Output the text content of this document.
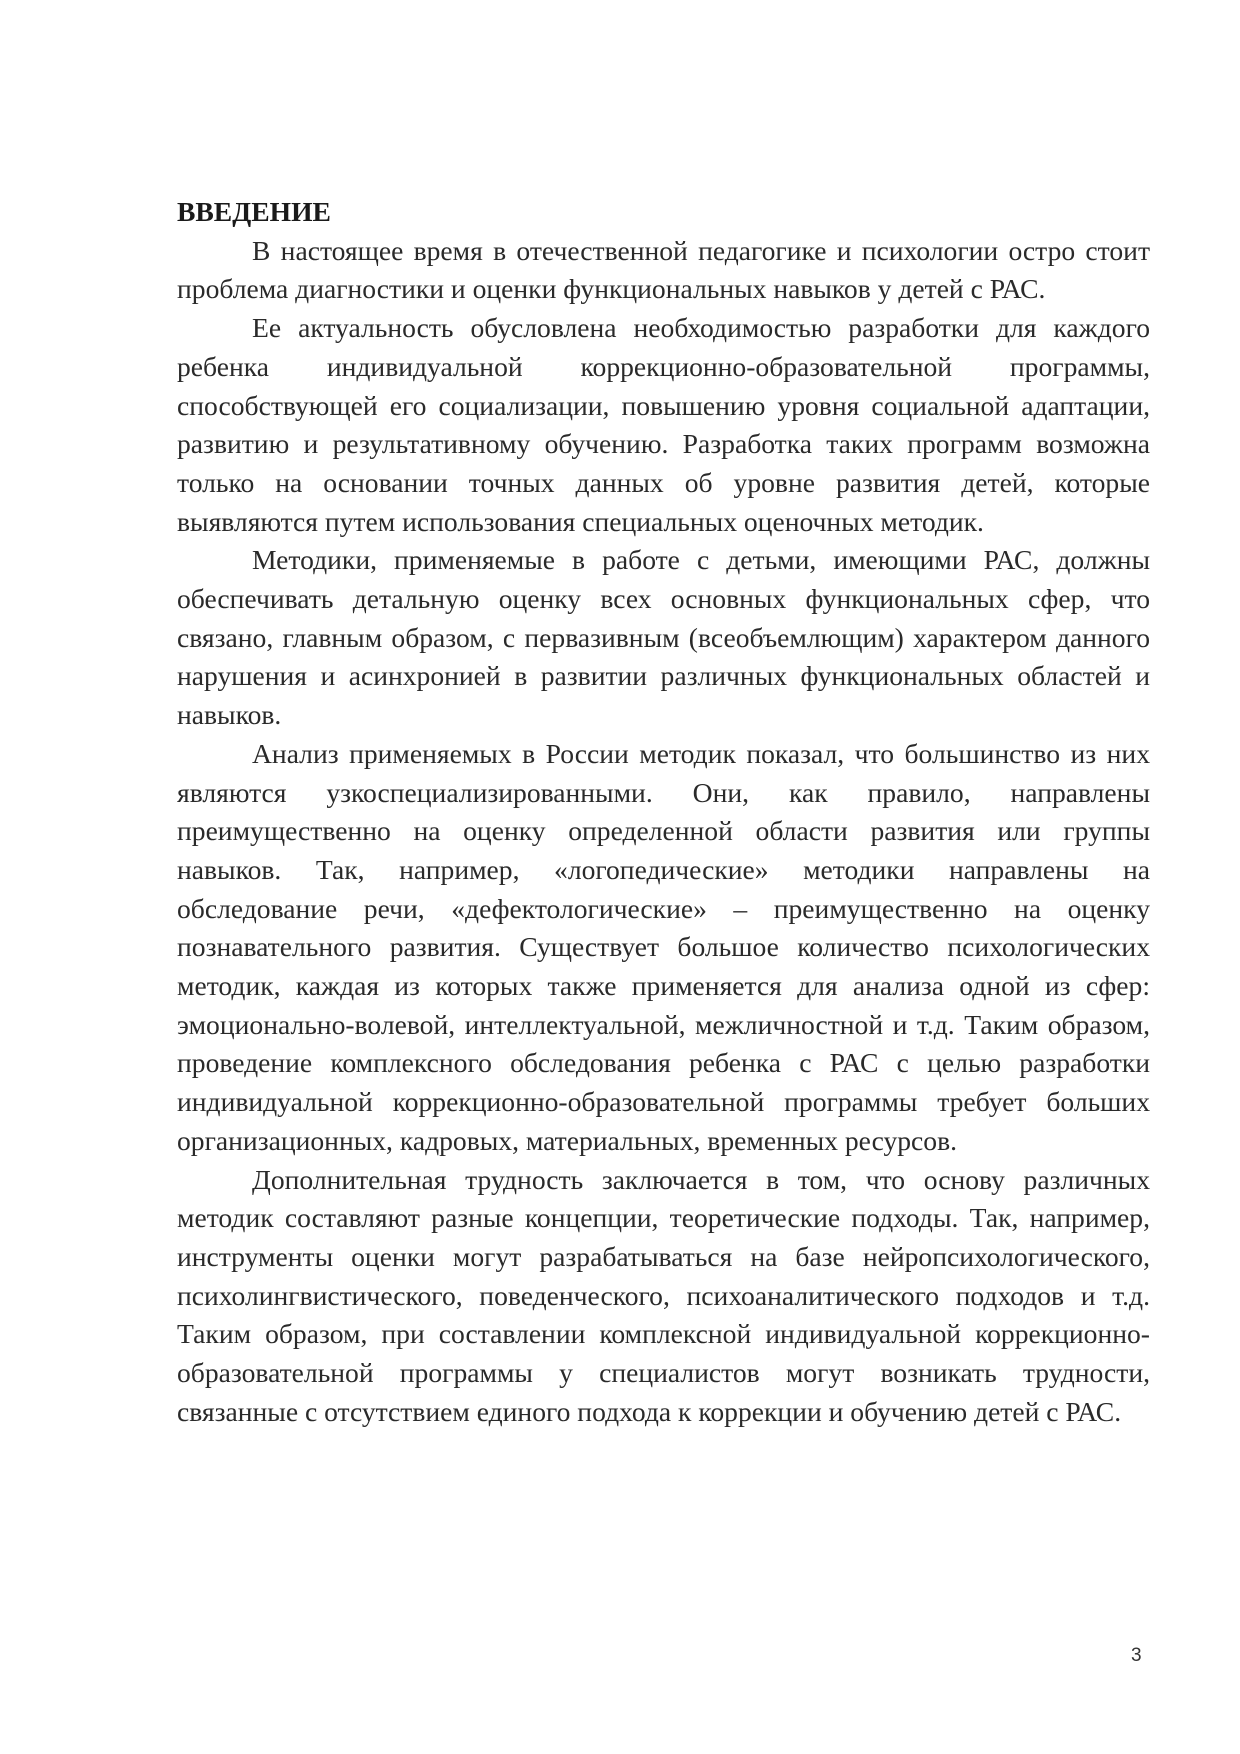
ВВЕДЕНИЕ

В настоящее время в отечественной педагогике и психологии остро стоит проблема диагностики и оценки функциональных навыков у детей с РАС.

Ее актуальность обусловлена необходимостью разработки для каждого ребенка индивидуальной коррекционно-образовательной программы, способствующей его социализации, повышению уровня социальной адаптации, развитию и результативному обучению. Разработка таких программ возможна только на основании точных данных об уровне развития детей, которые выявляются путем использования специальных оценочных методик.

Методики, применяемые в работе с детьми, имеющими РАС, должны обеспечивать детальную оценку всех основных функциональных сфер, что связано, главным образом, с первазивным (всеобъемлющим) характером данного нарушения и асинхронией в развитии различных функциональных областей и навыков.

Анализ применяемых в России методик показал, что большинство из них являются узкоспециализированными. Они, как правило, направлены преимущественно на оценку определенной области развития или группы навыков. Так, например, «логопедические» методики направлены на обследование речи, «дефектологические» – преимущественно на оценку познавательного развития. Существует большое количество психологических методик, каждая из которых также применяется для анализа одной из сфер: эмоционально-волевой, интеллектуальной, межличностной и т.д. Таким образом, проведение комплексного обследования ребенка с РАС с целью разработки индивидуальной коррекционно-образовательной программы требует больших организационных, кадровых, материальных, временных ресурсов.

Дополнительная трудность заключается в том, что основу различных методик составляют разные концепции, теоретические подходы. Так, например, инструменты оценки могут разрабатываться на базе нейропсихологического, психолингвистического, поведенческого, психоаналитического подходов и т.д. Таким образом, при составлении комплексной индивидуальной коррекционно-образовательной программы у специалистов могут возникать трудности, связанные с отсутствием единого подхода к коррекции и обучению детей с РАС.

3
